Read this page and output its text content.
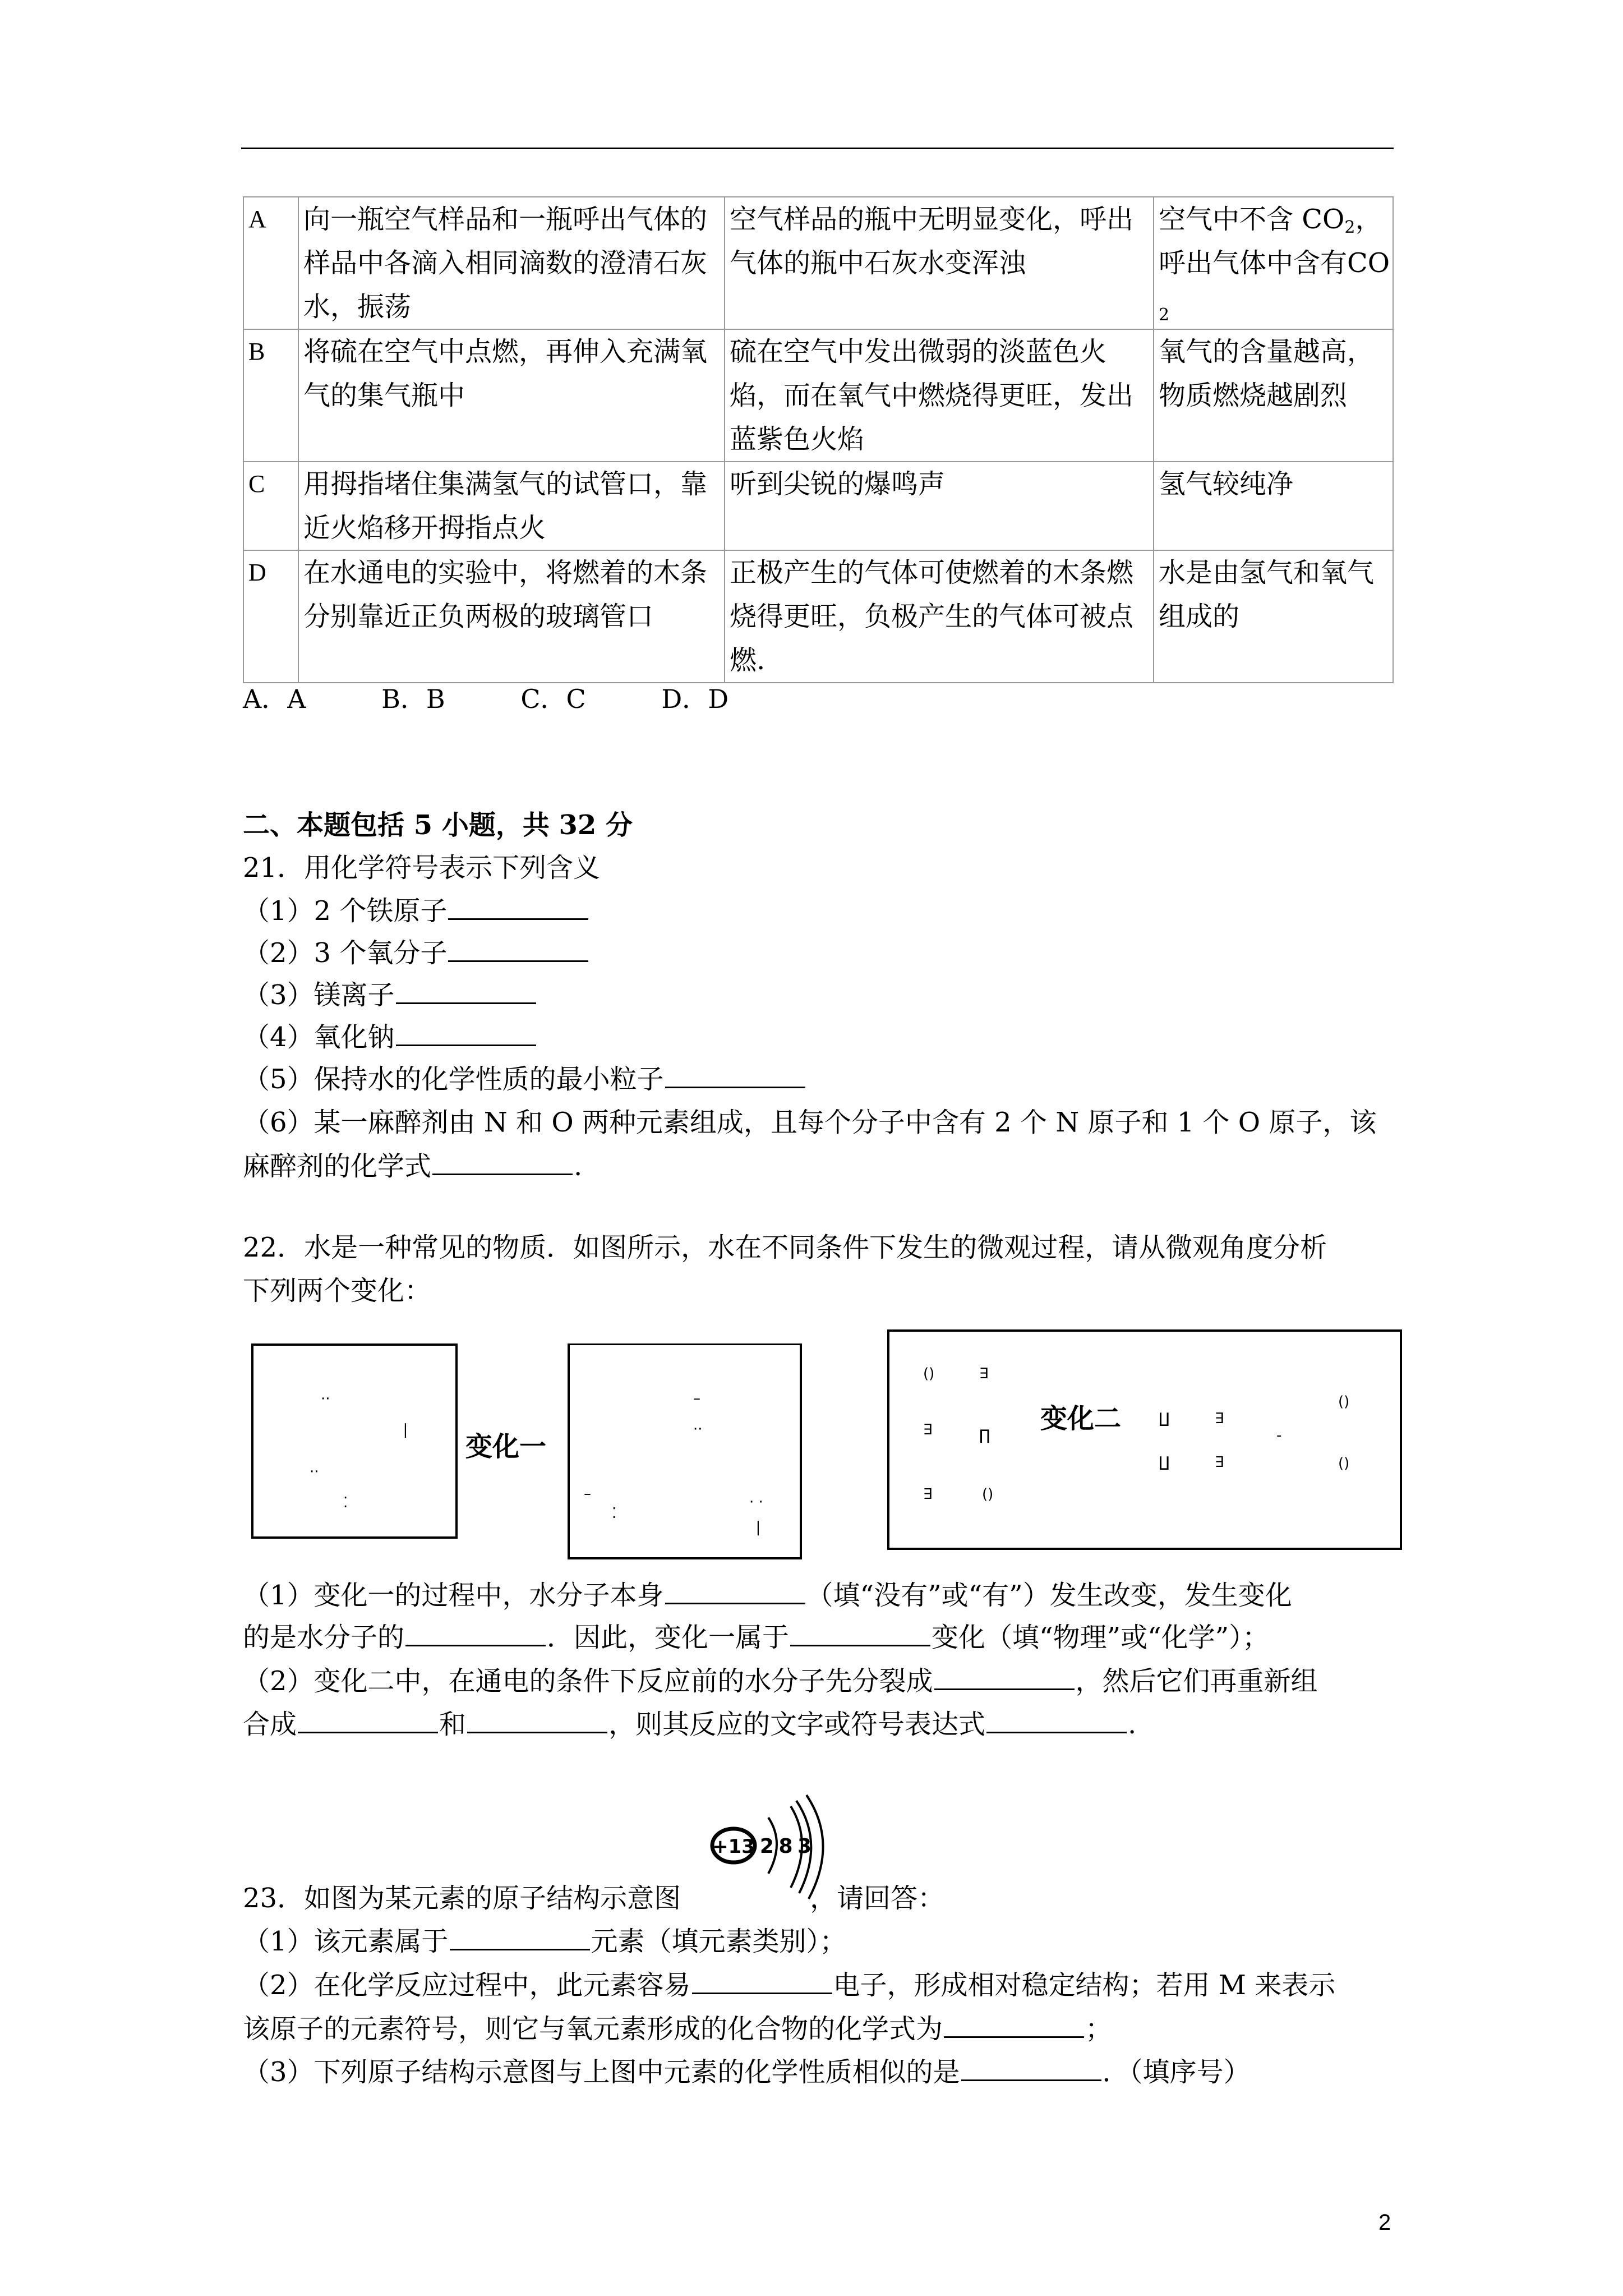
A	向一瓶空气样品和一瓶呼出气体的样品中各滴入相同滴数的澄清石灰水，振荡	空气样品的瓶中无明显变化，呼出气体的瓶中石灰水变浑浊	空气中不含 $CO_2$，呼出气体中含有$CO_2$
B	将硫在空气中点燃，再伸入充满氧气的集气瓶中	硫在空气中发出微弱的淡蓝色火焰，而在氧气中燃烧得更旺，发出蓝紫色火焰	氧气的含量越高，物质燃烧越剧烈
C	用拇指堵住集满氢气的试管口，靠近火焰移开拇指点火	听到尖锐的爆鸣声	氢气较纯净
D	在水通电的实验中，将燃着的木条分别靠近正负两极的玻璃管口	正极产生的气体可使燃着的木条燃烧得更旺，负极产生的气体可被点燃.	水是由氢气和氧气组成的
A．A	B．B	C．C	D．D
二、本题包括 5 小题，共 32 分
21．用化学符号表示下列含义
（1）2 个铁原子
（2）3 个氧分子
（3）镁离子
（4）氧化钠
（5）保持水的化学性质的最小粒子
（6）某一麻醉剂由 N 和 O 两种元素组成，且每个分子中含有 2 个 N 原子和 1 个 O 原子，该
麻醉剂的化学式	.
22．水是一种常见的物质．如图所示，水在不同条件下发生的微观过程，请从微观角度分析
下列两个变化：
··
❘
··
⁚
变化一
–
··
–
⁚
· ·
❘
()	∃
∃	∏
∃	()
∐	∃
∐	∃
-
()
()
变化二
（1）变化一的过程中，水分子本身	（填“没有”或“有”）发生改变，发生变化
的是水分子的	．因此，变化一属于	变化（填“物理”或“化学”）；
（2）变化二中，在通电的条件下反应前的水分子先分裂成	，然后它们再重新组
合成	和	，则其反应的文字或符号表达式	.
23．如图为某元素的原子结构示意图	，请回答：
+13 2 8 3
（1）该元素属于	元素（填元素类别）；
（2）在化学反应过程中，此元素容易	电子，形成相对稳定结构；若用 M 来表示
该原子的元素符号，则它与氧元素形成的化合物的化学式为	；
（3）下列原子结构示意图与上图中元素的化学性质相似的是	．（填序号）
2
